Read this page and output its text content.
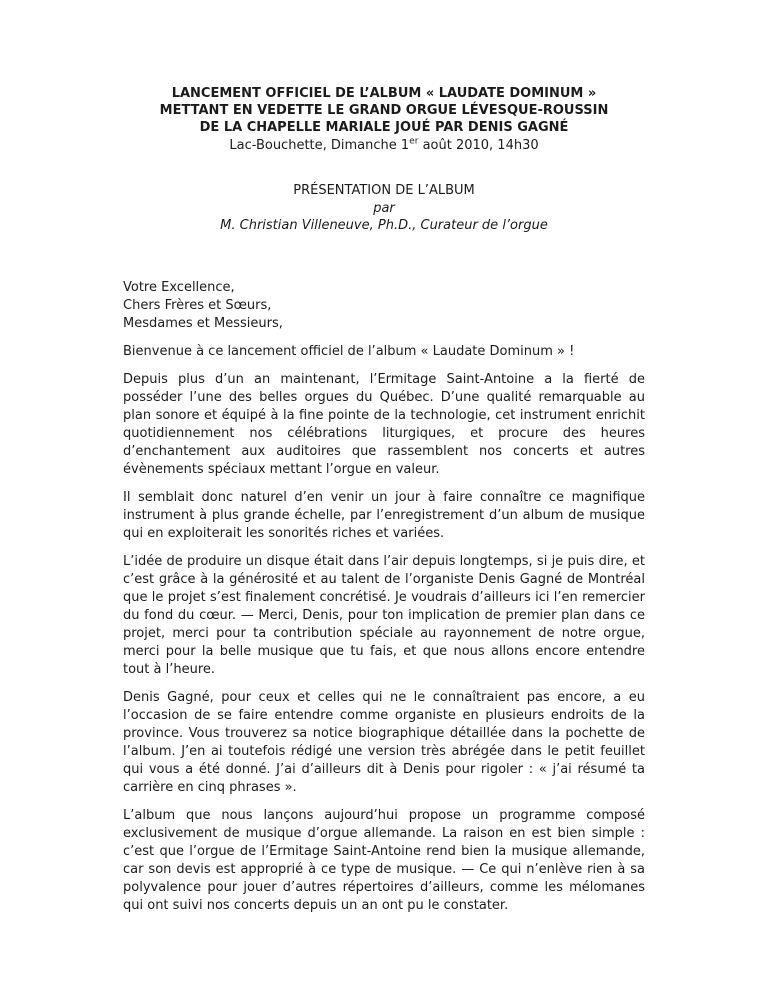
LANCEMENT OFFICIEL DE L’ALBUM « LAUDATE DOMINUM »
METTANT EN VEDETTE LE GRAND ORGUE LÉVESQUE-ROUSSIN
DE LA CHAPELLE MARIALE JOUÉ PAR DENIS GAGNÉ

Lac-Bouchette, Dimanche 1er août 2010, 14h30

PRÉSENTATION DE L’ALBUM

par

M. Christian Villeneuve, Ph.D., Curateur de l’orgue

Votre Excellence,

Chers Frères et Sœurs,

Mesdames et Messieurs,

Bienvenue à ce lancement officiel de l’album « Laudate Dominum » !

Depuis plus d’un an maintenant, l’Ermitage Saint-Antoine a la fierté de posséder l’une des belles orgues du Québec. D’une qualité remarquable au plan sonore et équipé à la fine pointe de la technologie, cet instrument enrichit quotidiennement nos célébrations liturgiques, et procure des heures d’enchantement aux auditoires que rassemblent nos concerts et autres évènements spéciaux mettant l’orgue en valeur.

Il semblait donc naturel d’en venir un jour à faire connaître ce magnifique instrument à plus grande échelle, par l’enregistrement d’un album de musique qui en exploiterait les sonorités riches et variées.

L’idée de produire un disque était dans l’air depuis longtemps, si je puis dire, et c’est grâce à la générosité et au talent de l’organiste Denis Gagné de Montréal que le projet s’est finalement concrétisé. Je voudrais d’ailleurs ici l’en remercier du fond du cœur. — Merci, Denis, pour ton implication de premier plan dans ce projet, merci pour ta contribution spéciale au rayonnement de notre orgue, merci pour la belle musique que tu fais, et que nous allons encore entendre tout à l’heure.

Denis Gagné, pour ceux et celles qui ne le connaîtraient pas encore, a eu l’occasion de se faire entendre comme organiste en plusieurs endroits de la province. Vous trouverez sa notice biographique détaillée dans la pochette de l’album. J’en ai toutefois rédigé une version très abrégée dans le petit feuillet qui vous a été donné. J’ai d’ailleurs dit à Denis pour rigoler : « j’ai résumé ta carrière en cinq phrases ».

L’album que nous lançons aujourd’hui propose un programme composé exclusivement de musique d’orgue allemande. La raison en est bien simple : c’est que l’orgue de l’Ermitage Saint-Antoine rend bien la musique allemande, car son devis est approprié à ce type de musique. — Ce qui n’enlève rien à sa polyvalence pour jouer d’autres répertoires d’ailleurs, comme les mélomanes qui ont suivi nos concerts depuis un an ont pu le constater.
